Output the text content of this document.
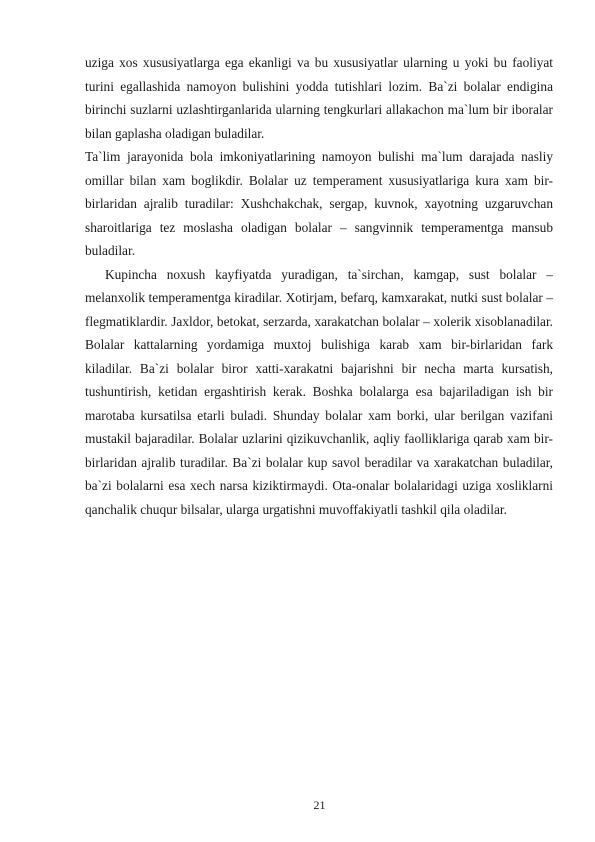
uziga xos xususiyatlarga ega ekanligi va bu xususiyatlar ularning u yoki bu faoliyat turini egallashida namoyon bulishini yodda tutishlari lozim. Ba`zi bolalar endigina birinchi suzlarni uzlashtirganlarida ularning tengkurlari allakachon ma`lum bir iboralar bilan gaplasha oladigan buladilar.

Ta`lim jarayonida bola imkoniyatlarining namoyon bulishi ma`lum darajada nasliy omillar bilan xam boglikdir. Bolalar uz temperament xususiyatlariga kura xam bir-birlaridan ajralib turadilar: Xushchakchak, sergap, kuvnok, xayotning uzgaruvchan sharoitlariga tez moslasha oladigan bolalar – sangvinnik temperamentga mansub buladilar.

Kupincha noxush kayfiyatda yuradigan, ta`sirchan, kamgap, sust bolalar – melanxolik temperamentga kiradilar. Xotirjam, befarq, kamxarakat, nutki sust bolalar – flegmatiklardir. Jaxldor, betokat, serzarda, xarakatchan bolalar – xolerik xisoblanadilar. Bolalar kattalarning yordamiga muxtoj bulishiga karab xam bir-birlaridan fark kiladilar. Ba`zi bolalar biror xatti-xarakatni bajarishni bir necha marta kursatish, tushuntirish, ketidan ergashtirish kerak. Boshka bolalarga esa bajariladigan ish bir marotaba kursatilsa etarli buladi. Shunday bolalar xam borki, ular berilgan vazifani mustakil bajaradilar. Bolalar uzlarini qizikuvchanlik, aqliy faolliklariga qarab xam bir-birlaridan ajralib turadilar. Ba`zi bolalar kup savol beradilar va xarakatchan buladilar, ba`zi bolalarni esa xech narsa kiziktirmaydi. Ota-onalar bolalaridagi uziga xosliklarni qanchalik chuqur bilsalar, ularga urgatishni muvoffakiyatli tashkil qila oladilar.

21
